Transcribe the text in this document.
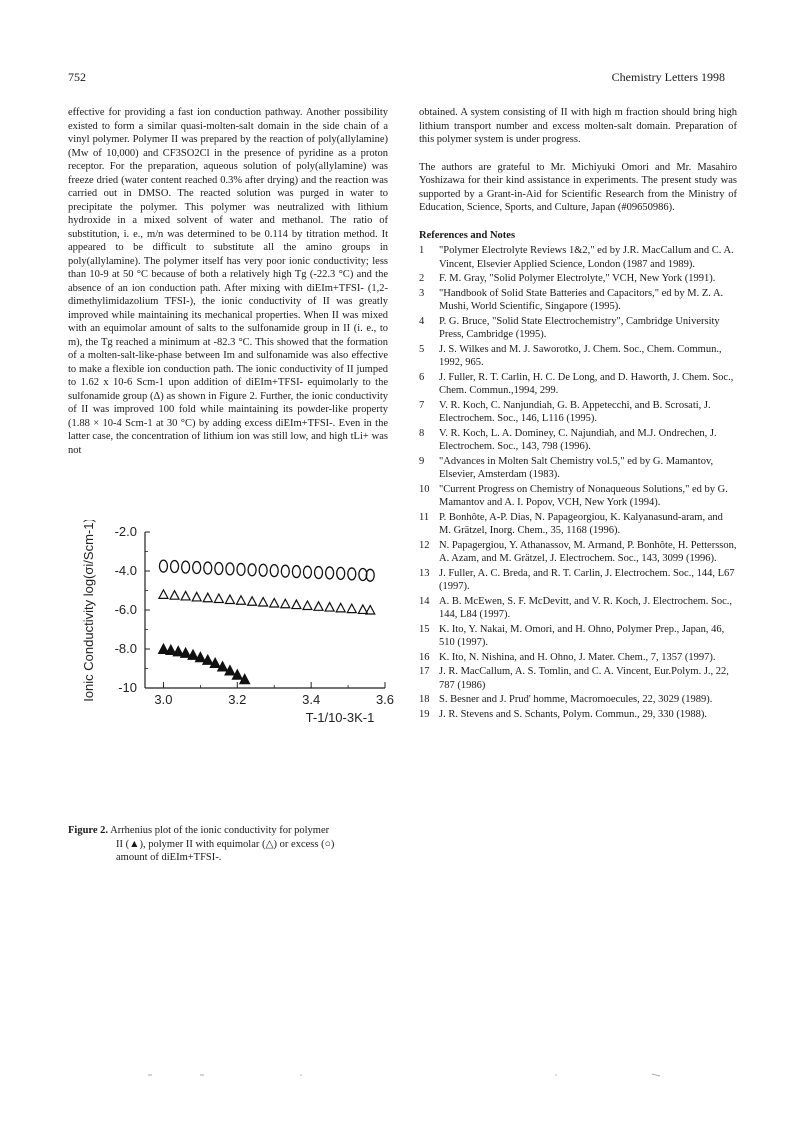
752	Chemistry Letters 1998

effective for providing a fast ion conduction pathway. Another possibility existed to form a similar quasi-molten-salt domain in the side chain of a vinyl polymer. Polymer II was prepared by the reaction of poly(allylamine) (Mw of 10,000) and CF3SO2Cl in the presence of pyridine as a proton receptor. For the preparation, aqueous solution of poly(allylamine) was freeze dried (water content reached 0.3% after drying) and the reaction was carried out in DMSO. The reacted solution was purged in water to precipitate the polymer. This polymer was neutralized with lithium hydroxide in a mixed solvent of water and methanol. The ratio of substitution, i. e., m/n was determined to be 0.114 by titration method. It appeared to be difficult to substitute all the amino groups in poly(allylamine). The polymer itself has very poor ionic conductivity; less than 10-9 at 50 °C because of both a relatively high Tg (-22.3 °C) and the absence of an ion conduction path. After mixing with diEIm+TFSI- (1,2-dimethylimidazolium TFSI-), the ionic conductivity of II was greatly improved while maintaining its mechanical properties. When II was mixed with an equimolar amount of salts to the sulfonamide group in II (i. e., to m), the Tg reached a minimum at -82.3 °C. This showed that the formation of a molten-salt-like-phase between Im and sulfonamide was also effective to make a flexible ion conduction path. The ionic conductivity of II jumped to 1.62 x 10-6 Scm-1 upon addition of diEIm+TFSI- equimolarly to the sulfonamide group (Δ) as shown in Figure 2. Further, the ionic conductivity of II was improved 100 fold while maintaining its powder-like property (1.88 × 10-4 Scm-1 at 30 °C) by adding excess diEIm+TFSI-. Even in the latter case, the concentration of lithium ion was still low, and high tLi+ was not

-2.0
-4.0
-6.0
-8.0
-10
3.0	3.2	3.4	3.6
Ionic Conductivity log(σi/Scm-1)
T-1/10-3K-1
Figure 2. Arrhenius plot of the ionic conductivity for polymer
II (▲), polymer II with equimolar (△) or excess (○)
amount of diEIm+TFSI-.
obtained. A system consisting of II with high m fraction should bring high lithium transport number and excess molten-salt domain. Preparation of this polymer system is under progress.
The authors are grateful to Mr. Michiyuki Omori and Mr. Masahiro Yoshizawa for their kind assistance in experiments. The present study was supported by a Grant-in-Aid for Scientific Research from the Ministry of Education, Science, Sports, and Culture, Japan (#09650986).
References and Notes
1	"Polymer Electrolyte Reviews 1&2," ed by J.R. MacCallum and C. A. Vincent, Elsevier Applied Science, London (1987 and 1989).
2	F. M. Gray, "Solid Polymer Electrolyte," VCH, New York (1991).
3	"Handbook of Solid State Batteries and Capacitors," ed by M. Z. A. Mushi, World Scientific, Singapore (1995).
4	P. G. Bruce, "Solid State Electrochemistry", Cambridge University Press, Cambridge (1995).
5	J. S. Wilkes and M. J. Saworotko, J. Chem. Soc., Chem. Commun., 1992, 965.
6	J. Fuller, R. T. Carlin, H. C. De Long, and D. Haworth, J. Chem. Soc., Chem. Commun.,1994, 299.
7	V. R. Koch, C. Nanjundiah, G. B. Appetecchi, and B. Scrosati, J. Electrochem. Soc., 146, L116 (1995).
8	V. R. Koch, L. A. Dominey, C. Najundiah, and M.J. Ondrechen, J. Electrochem. Soc., 143, 798 (1996).
9	"Advances in Molten Salt Chemistry vol.5," ed by G. Mamantov, Elsevier, Amsterdam (1983).
10 "Current Progress on Chemistry of Nonaqueous Solutions," ed by G. Mamantov and A. I. Popov, VCH, New York (1994).
11 P. Bonhôte, A-P. Dias, N. Papageorgiou, K. Kalyanasund-aram, and M. Grätzel, Inorg. Chem., 35, 1168 (1996).
12 N. Papagergiou, Y. Athanassov, M. Armand, P. Bonhôte, H. Pettersson, A. Azam, and M. Grätzel, J. Electrochem. Soc., 143, 3099 (1996).
13 J. Fuller, A. C. Breda, and R. T. Carlin, J. Electrochem. Soc., 144, L67 (1997).
14 A. B. McEwen, S. F. McDevitt, and V. R. Koch, J. Electrochem. Soc., 144, L84 (1997).
15 K. Ito, Y. Nakai, M. Omori, and H. Ohno, Polymer Prep., Japan, 46, 510 (1997).
16 K. Ito, N. Nishina, and H. Ohno, J. Mater. Chem., 7, 1357 (1997).
17 J. R. MacCallum, A. S. Tomlin, and C. A. Vincent, Eur.Polym. J., 22, 787 (1986)
18 S. Besner and J. Prud' homme, Macromoecules, 22, 3029 (1989).
19 J. R. Stevens and S. Schants, Polym. Commun., 29, 330 (1988).
